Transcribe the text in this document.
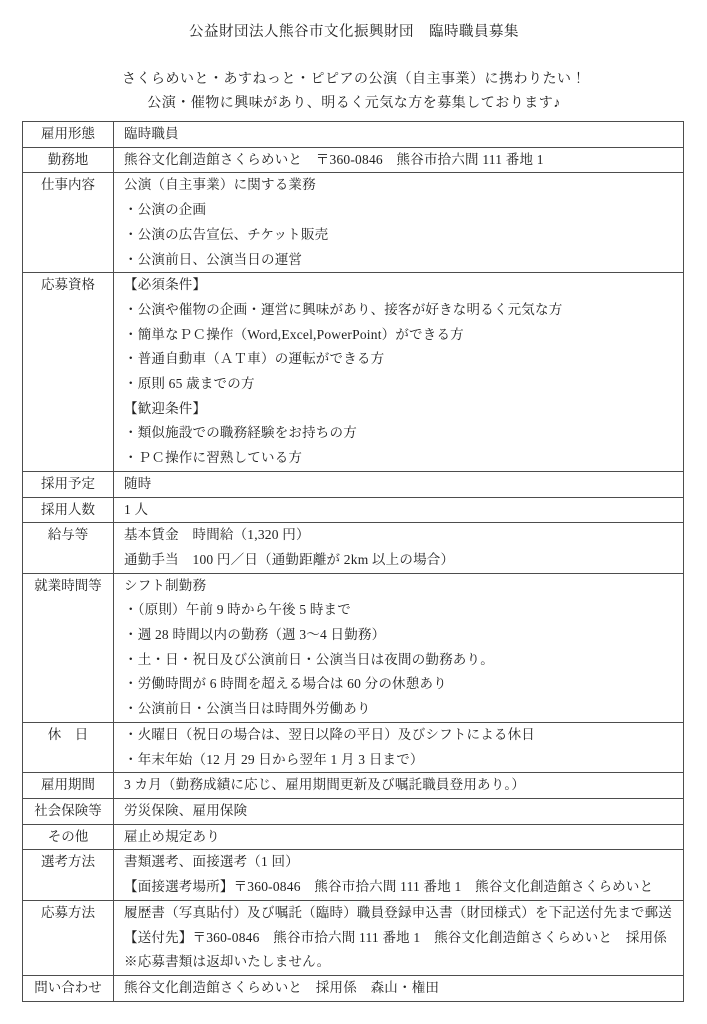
公益財団法人熊谷市文化振興財団　臨時職員募集
さくらめいと・あすねっと・ピピアの公演（自主事業）に携わりたい！
公演・催物に興味があり、明るく元気な方を募集しております♪
雇用形態	臨時職員

勤務地	熊谷文化創造館さくらめいと　〒360-0846　熊谷市拾六間 111 番地 1

仕事内容	公演（自主事業）に関する業務
・公演の企画
・公演の広告宣伝、チケット販売
・公演前日、公演当日の運営

応募資格	【必須条件】
・公演や催物の企画・運営に興味があり、接客が好きな明るく元気な方
・簡単なＰＣ操作（Word,Excel,PowerPoint）ができる方
・普通自動車（ＡＴ車）の運転ができる方
・原則 65 歳までの方
【歓迎条件】
・類似施設での職務経験をお持ちの方
・ＰＣ操作に習熟している方

採用予定	随時

採用人数	1 人

給与等	基本賃金　時間給（1,320 円）
通勤手当　100 円／日（通勤距離が 2km 以上の場合）

就業時間等	シフト制勤務
・（原則）午前 9 時から午後 5 時まで
・週 28 時間以内の勤務（週 3～4 日勤務）
・土・日・祝日及び公演前日・公演当日は夜間の勤務あり。
・労働時間が 6 時間を超える場合は 60 分の休憩あり
・公演前日・公演当日は時間外労働あり

休　日	・火曜日（祝日の場合は、翌日以降の平日）及びシフトによる休日
・年末年始（12 月 29 日から翌年 1 月 3 日まで）

雇用期間	3 カ月（勤務成績に応じ、雇用期間更新及び嘱託職員登用あり。）

社会保険等	労災保険、雇用保険

その他	雇止め規定あり

選考方法	書類選考、面接選考（1 回）
【面接選考場所】〒360-0846　熊谷市拾六間 111 番地 1　熊谷文化創造館さくらめいと

応募方法	履歴書（写真貼付）及び嘱託（臨時）職員登録申込書（財団様式）を下記送付先まで郵送
【送付先】〒360-0846　熊谷市拾六間 111 番地 1　熊谷文化創造館さくらめいと　採用係
※応募書類は返却いたしません。

問い合わせ	熊谷文化創造館さくらめいと　採用係　森山・権田
